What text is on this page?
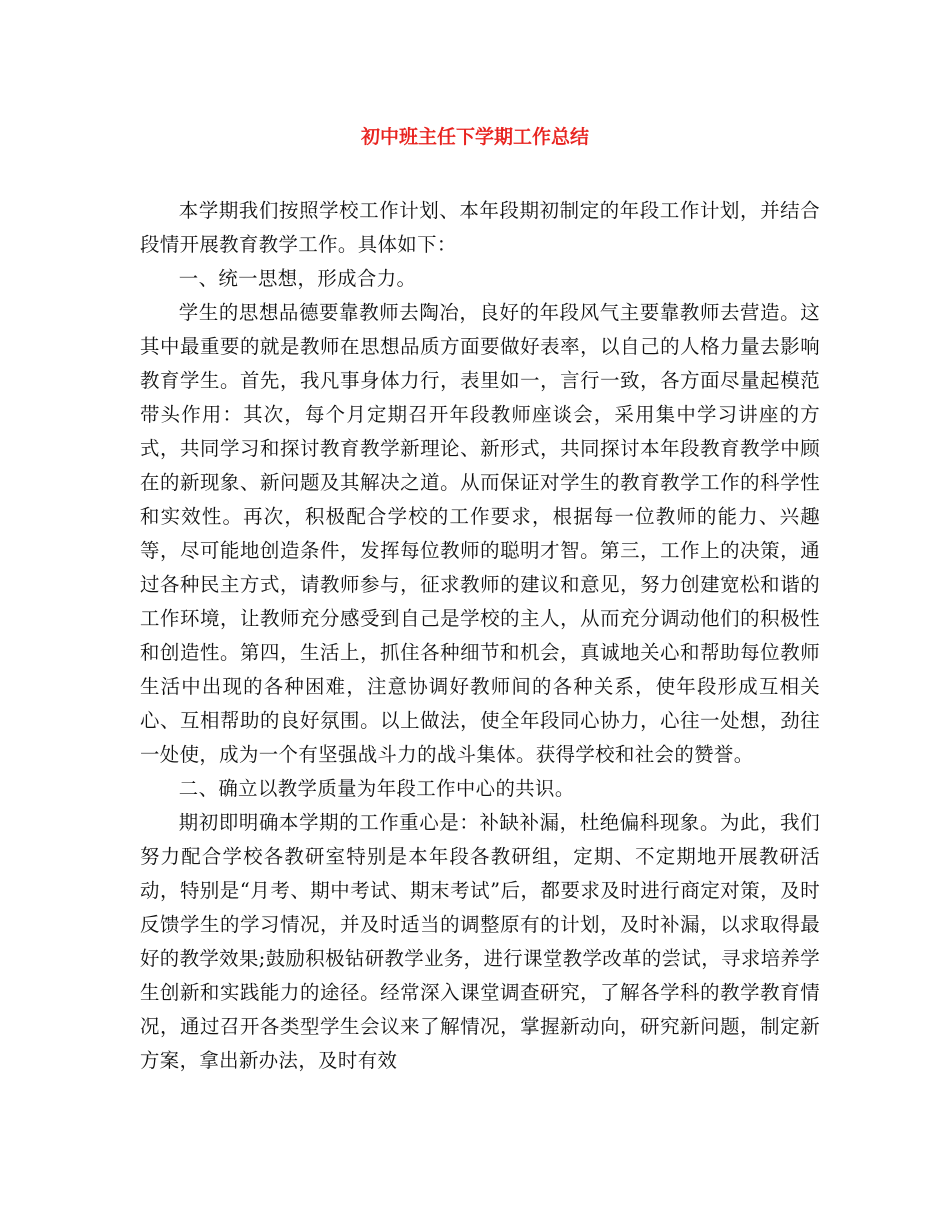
初中班主任下学期工作总结

本学期我们按照学校工作计划、本年段期初制定的年段工作计划，并结合段情开展教育教学工作。具体如下：

一、统一思想，形成合力。

学生的思想品德要靠教师去陶冶，良好的年段风气主要靠教师去营造。这其中最重要的就是教师在思想品质方面要做好表率，以自己的人格力量去影响教育学生。首先，我凡事身体力行，表里如一，言行一致，各方面尽量起模范带头作用：其次，每个月定期召开年段教师座谈会，采用集中学习讲座的方式，共同学习和探讨教育教学新理论、新形式，共同探讨本年段教育教学中顾在的新现象、新问题及其解决之道。从而保证对学生的教育教学工作的科学性和实效性。再次，积极配合学校的工作要求，根据每一位教师的能力、兴趣等，尽可能地创造条件，发挥每位教师的聪明才智。第三，工作上的决策，通过各种民主方式，请教师参与，征求教师的建议和意见，努力创建宽松和谐的工作环境，让教师充分感受到自己是学校的主人，从而充分调动他们的积极性和创造性。第四，生活上，抓住各种细节和机会，真诚地关心和帮助每位教师生活中出现的各种困难，注意协调好教师间的各种关系，使年段形成互相关心、互相帮助的良好氛围。以上做法，使全年段同心协力，心往一处想，劲往一处使，成为一个有坚强战斗力的战斗集体。获得学校和社会的赞誉。

二、确立以教学质量为年段工作中心的共识。

期初即明确本学期的工作重心是：补缺补漏，杜绝偏科现象。为此，我们努力配合学校各教研室特别是本年段各教研组，定期、不定期地开展教研活动，特别是“月考、期中考试、期末考试”后，都要求及时进行商定对策，及时反馈学生的学习情况，并及时适当的调整原有的计划，及时补漏，以求取得最好的教学效果;鼓励积极钻研教学业务，进行课堂教学改革的尝试，寻求培养学生创新和实践能力的途径。经常深入课堂调查研究，了解各学科的教学教育情况，通过召开各类型学生会议来了解情况，掌握新动向，研究新问题，制定新方案，拿出新办法，及时有效
